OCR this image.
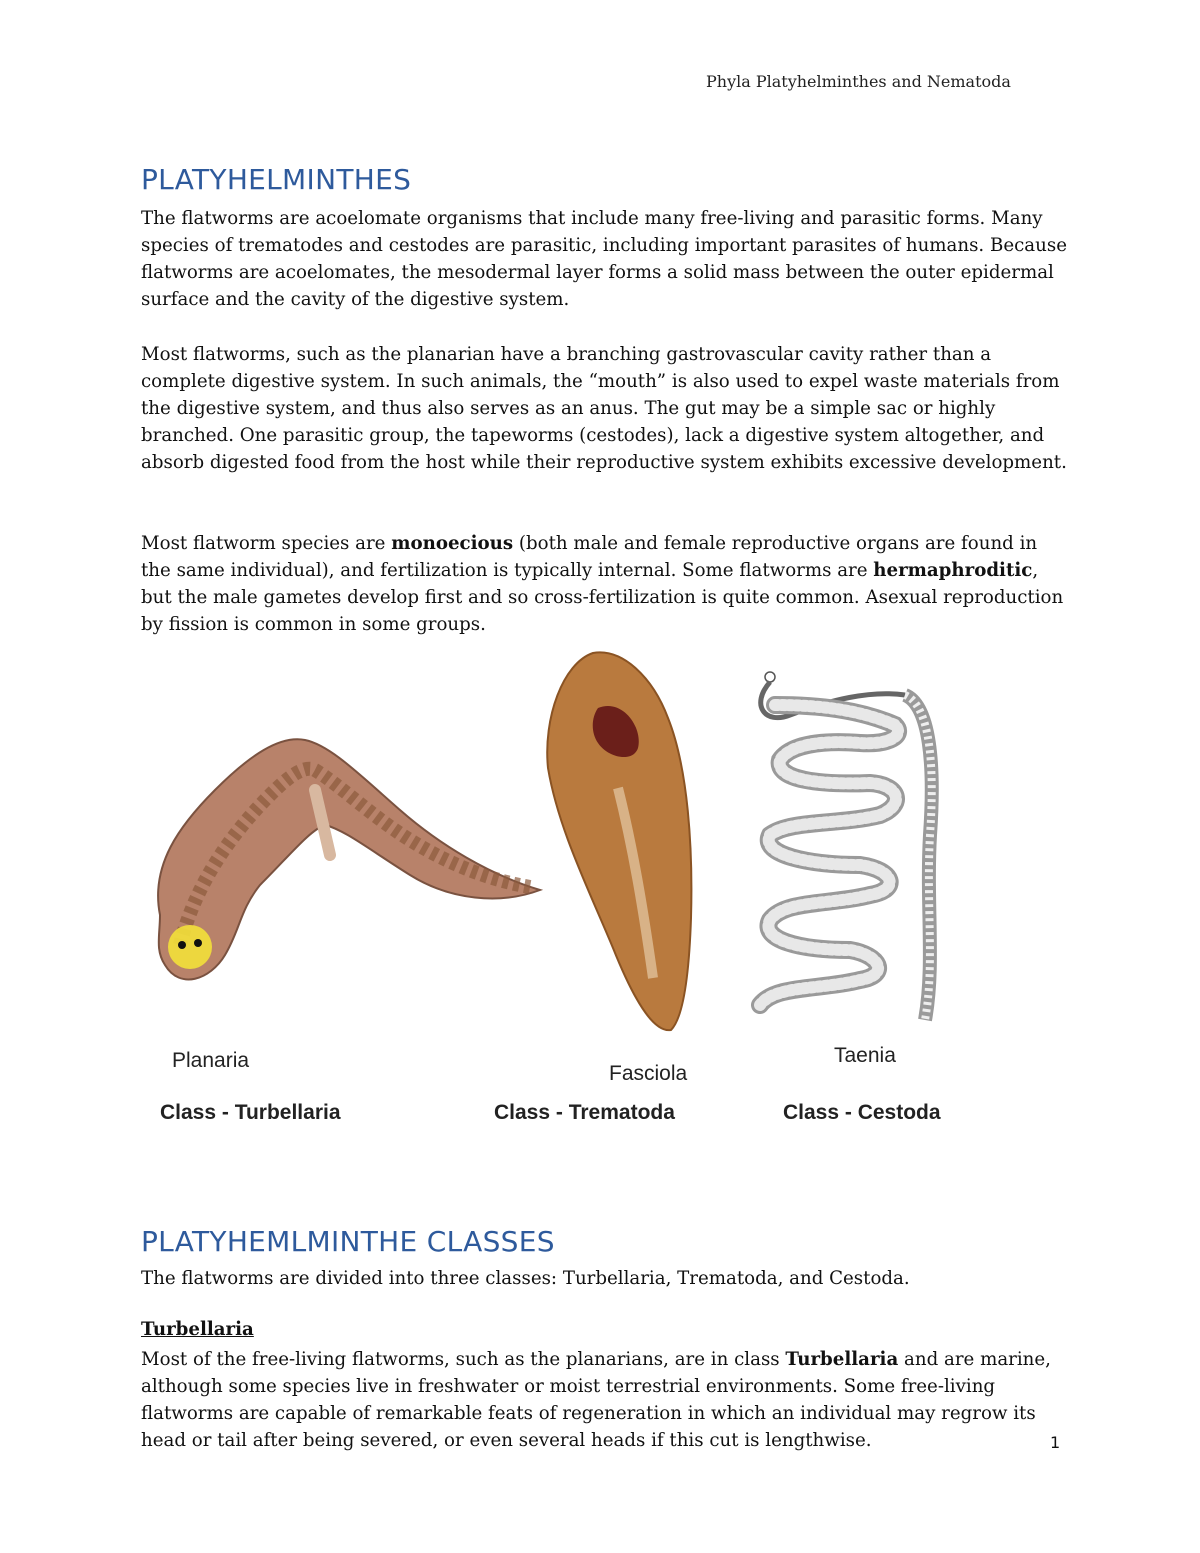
Phyla Platyhelminthes and Nematoda
PLATYHELMINTHES

The flatworms are acoelomate organisms that include many free-living and parasitic forms. Many species of trematodes and cestodes are parasitic, including important parasites of humans. Because flatworms are acoelomates, the mesodermal layer forms a solid mass between the outer epidermal surface and the cavity of the digestive system.

Most flatworms, such as the planarian have a branching gastrovascular cavity rather than a complete digestive system. In such animals, the “mouth” is also used to expel waste materials from the digestive system, and thus also serves as an anus. The gut may be a simple sac or highly branched. One parasitic group, the tapeworms (cestodes), lack a digestive system altogether, and absorb digested food from the host while their reproductive system exhibits excessive development.

Most flatworm species are monoecious (both male and female reproductive organs are found in the same individual), and fertilization is typically internal. Some flatworms are hermaphroditic, but the male gametes develop first and so cross-fertilization is quite common. Asexual reproduction by fission is common in some groups.

Planaria
Fasciola
Taenia
Class - Turbellaria	Class - Trematoda	Class - Cestoda
PLATYHEMLMINTHE CLASSES

The flatworms are divided into three classes: Turbellaria, Trematoda, and Cestoda.

Turbellaria

Most of the free-living flatworms, such as the planarians, are in class Turbellaria and are marine, although some species live in freshwater or moist terrestrial environments. Some free-living flatworms are capable of remarkable feats of regeneration in which an individual may regrow its head or tail after being severed, or even several heads if this cut is lengthwise.	1
